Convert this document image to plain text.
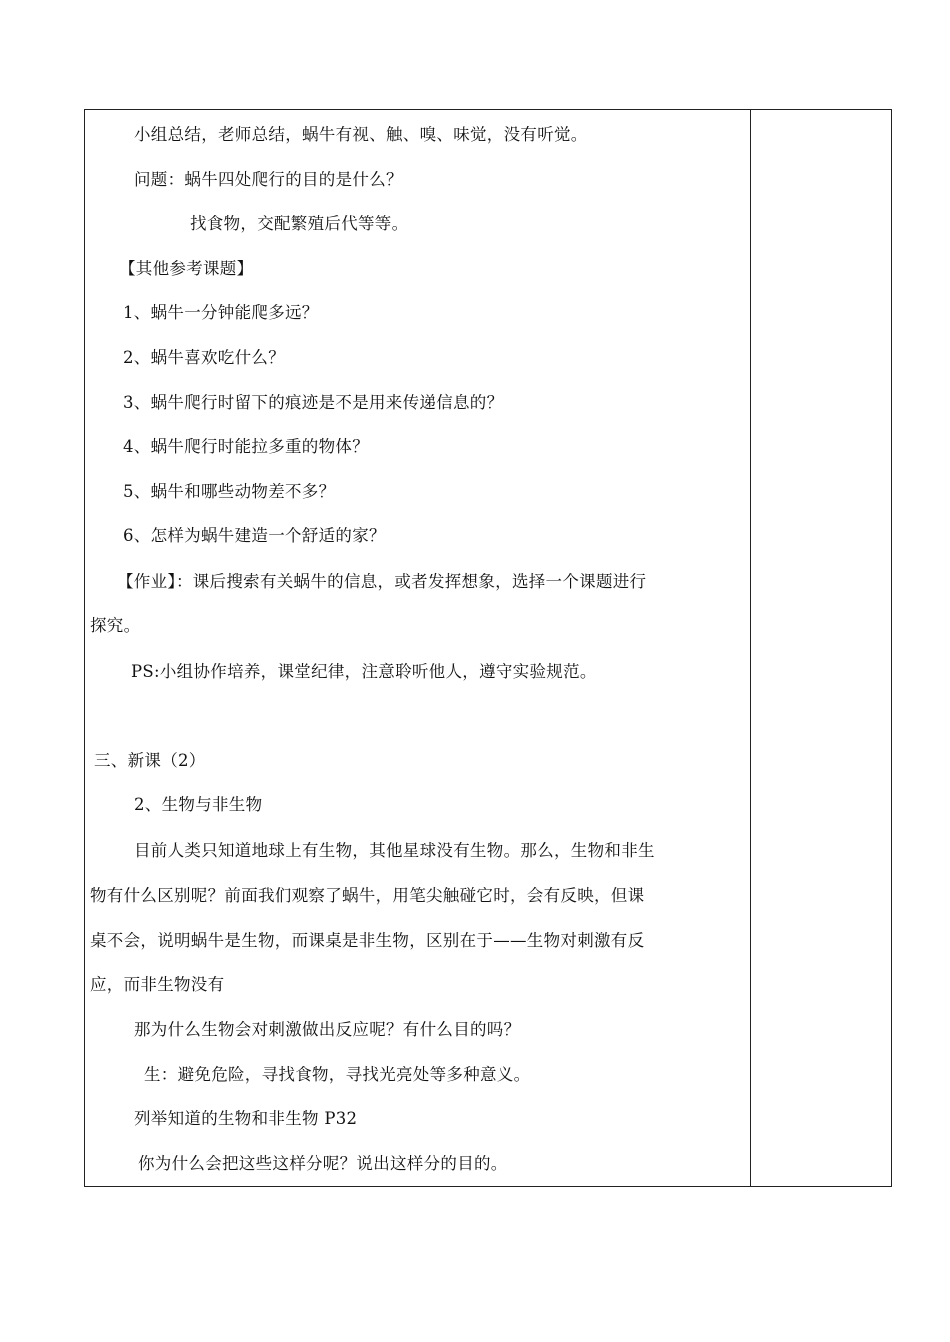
小组总结，老师总结，蜗牛有视、触、嗅、味觉，没有听觉。
问题：蜗牛四处爬行的目的是什么？
找食物，交配繁殖后代等等。
【其他参考课题】
1、蜗牛一分钟能爬多远？
2、蜗牛喜欢吃什么？
3、蜗牛爬行时留下的痕迹是不是用来传递信息的？
4、蜗牛爬行时能拉多重的物体？
5、蜗牛和哪些动物差不多？
6、怎样为蜗牛建造一个舒适的家？
【作业】：课后搜索有关蜗牛的信息，或者发挥想象，选择一个课题进行
探究。
PS:小组协作培养，课堂纪律，注意聆听他人，遵守实验规范。
三、新课（2）
2、生物与非生物
目前人类只知道地球上有生物，其他星球没有生物。那么，生物和非生
物有什么区别呢？前面我们观察了蜗牛，用笔尖触碰它时，会有反映，但课
桌不会，说明蜗牛是生物，而课桌是非生物，区别在于——生物对刺激有反
应，而非生物没有
那为什么生物会对刺激做出反应呢？有什么目的吗？
生：避免危险，寻找食物，寻找光亮处等多种意义。
列举知道的生物和非生物 P32
你为什么会把这些这样分呢？说出这样分的目的。
